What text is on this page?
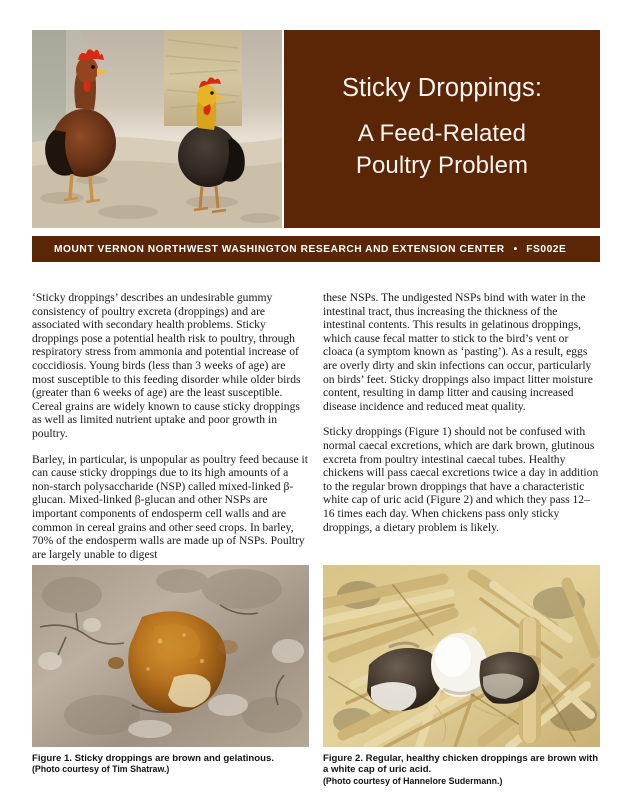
Sticky Droppings:
A Feed-Related
Poultry Problem
MOUNT VERNON NORTHWEST WASHINGTON RESEARCH AND EXTENSION CENTER • FS002E

‘Sticky droppings’ describes an undesirable gummy consistency of poultry excreta (droppings) and are associated with secondary health problems. Sticky droppings pose a potential health risk to poultry, through respiratory stress from ammonia and potential increase of coccidiosis. Young birds (less than 3 weeks of age) are most susceptible to this feeding disorder while older birds (greater than 6 weeks of age) are the least susceptible. Cereal grains are widely known to cause sticky droppings as well as limited nutrient uptake and poor growth in poultry.

Barley, in particular, is unpopular as poultry feed because it can cause sticky droppings due to its high amounts of a non-starch polysaccharide (NSP) called mixed-linked β-glucan. Mixed-linked β-glucan and other NSPs are important components of endosperm cell walls and are common in cereal grains and other seed crops. In barley, 70% of the endosperm walls are made up of NSPs. Poultry are largely unable to digest

these NSPs. The undigested NSPs bind with water in the intestinal tract, thus increasing the thickness of the intestinal contents. This results in gelatinous droppings, which cause fecal matter to stick to the bird’s vent or cloaca (a symptom known as ‘pasting’). As a result, eggs are overly dirty and skin infections can occur, particularly on birds’ feet. Sticky droppings also impact litter moisture content, resulting in damp litter and causing increased disease incidence and reduced meat quality.

Sticky droppings (Figure 1) should not be confused with normal caecal excretions, which are dark brown, glutinous excreta from poultry intestinal caecal tubes. Healthy chickens will pass caecal excretions twice a day in addition to the regular brown droppings that have a characteristic white cap of uric acid (Figure 2) and which they pass 12–16 times each day. When chickens pass only sticky droppings, a dietary problem is likely.

Figure 1. Sticky droppings are brown and gelatinous.
(Photo courtesy of Tim Shatraw.)
Figure 2. Regular, healthy chicken droppings are brown with a white cap of uric acid.
(Photo courtesy of Hannelore Sudermann.)
